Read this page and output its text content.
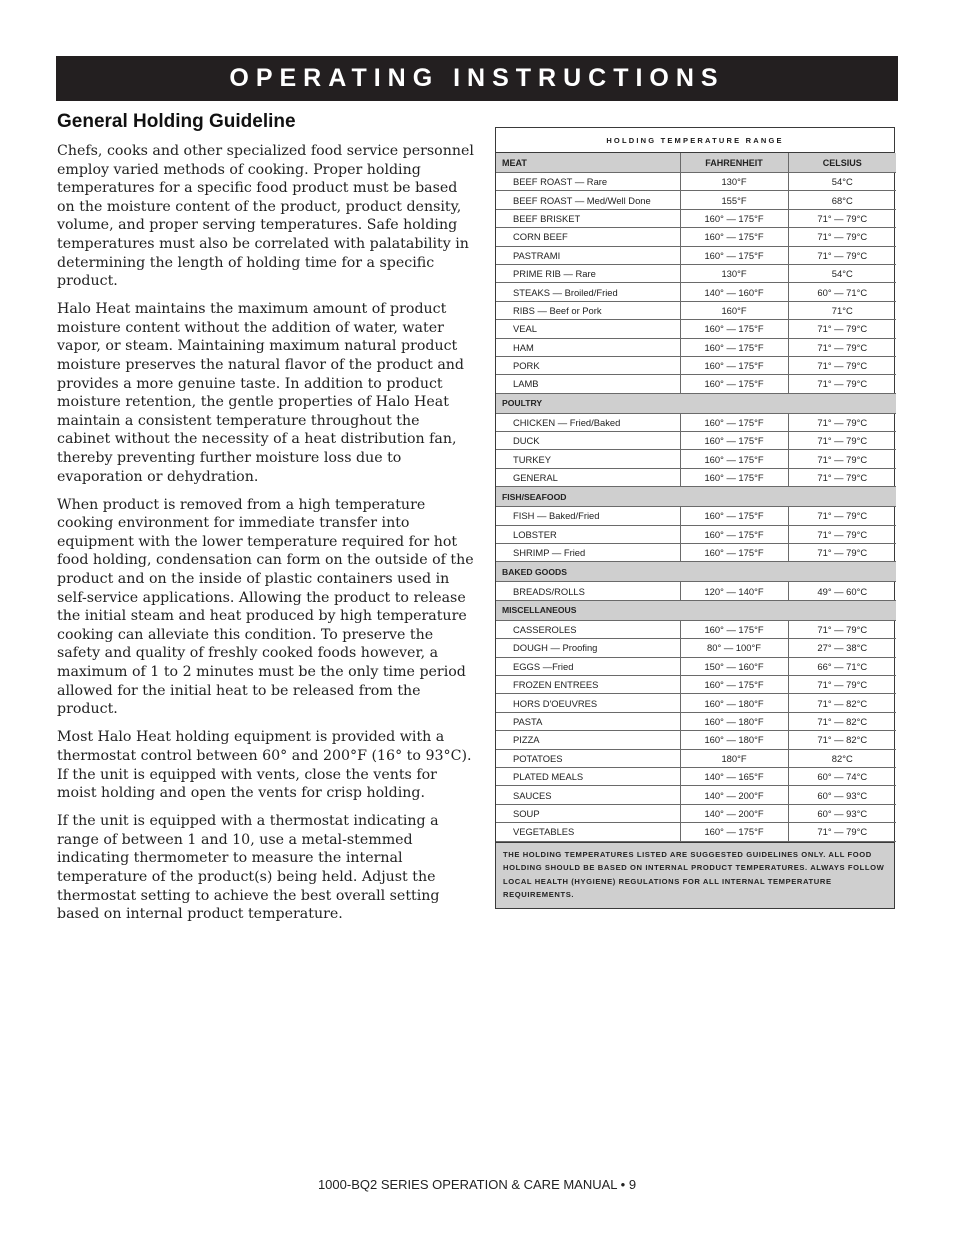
OPERATING INSTRUCTIONS
General Holding Guideline

Chefs, cooks and other specialized food service personnel employ varied methods of cooking. Proper holding temperatures for a specific food product must be based on the moisture content of the product, product density, volume, and proper serving temperatures. Safe holding temperatures must also be correlated with palatability in determining the length of holding time for a specific product.

Halo Heat maintains the maximum amount of product moisture content without the addition of water, water vapor, or steam. Maintaining maximum natural product moisture preserves the natural flavor of the product and provides a more genuine taste. In addition to product moisture retention, the gentle properties of Halo Heat maintain a consistent temperature throughout the cabinet without the necessity of a heat distribution fan, thereby preventing further moisture loss due to evaporation or dehydration.

When product is removed from a high temperature cooking environment for immediate transfer into equipment with the lower temperature required for hot food holding, condensation can form on the outside of the product and on the inside of plastic containers used in self-service applications. Allowing the product to release the initial steam and heat produced by high temperature cooking can alleviate this condition. To preserve the safety and quality of freshly cooked foods however, a maximum of 1 to 2 minutes must be the only time period allowed for the initial heat to be released from the product.

Most Halo Heat holding equipment is provided with a thermostat control between 60° and 200°F (16° to 93°C). If the unit is equipped with vents, close the vents for moist holding and open the vents for crisp holding.

If the unit is equipped with a thermostat indicating a range of between 1 and 10, use a metal-stemmed indicating thermometer to measure the internal temperature of the product(s) being held. Adjust the thermostat setting to achieve the best overall setting based on internal product temperature.

HOLDING TEMPERATURE RANGE
MEAT	FAHRENHEIT	CELSIUS
BEEF ROAST — Rare	130°F	54°C
BEEF ROAST — Med/Well Done	155°F	68°C
BEEF BRISKET	160° — 175°F	71° — 79°C
CORN BEEF	160° — 175°F	71° — 79°C
PASTRAMI	160° — 175°F	71° — 79°C
PRIME RIB — Rare	130°F	54°C
STEAKS — Broiled/Fried	140° — 160°F	60° — 71°C
RIBS — Beef or Pork	160°F	71°C
VEAL	160° — 175°F	71° — 79°C
HAM	160° — 175°F	71° — 79°C
PORK	160° — 175°F	71° — 79°C
LAMB	160° — 175°F	71° — 79°C
POULTRY		
CHICKEN — Fried/Baked	160° — 175°F	71° — 79°C
DUCK	160° — 175°F	71° — 79°C
TURKEY	160° — 175°F	71° — 79°C
GENERAL	160° — 175°F	71° — 79°C
FISH/SEAFOOD		
FISH — Baked/Fried	160° — 175°F	71° — 79°C
LOBSTER	160° — 175°F	71° — 79°C
SHRIMP — Fried	160° — 175°F	71° — 79°C
BAKED GOODS		
BREADS/ROLLS	120° — 140°F	49° — 60°C
MISCELLANEOUS		
CASSEROLES	160° — 175°F	71° — 79°C
DOUGH — Proofing	80° — 100°F	27° — 38°C
EGGS —Fried	150° — 160°F	66° — 71°C
FROZEN ENTREES	160° — 175°F	71° — 79°C
HORS D'OEUVRES	160° — 180°F	71° — 82°C
PASTA	160° — 180°F	71° — 82°C
PIZZA	160° — 180°F	71° — 82°C
POTATOES	180°F	82°C
PLATED MEALS	140° — 165°F	60° — 74°C
SAUCES	140° — 200°F	60° — 93°C
SOUP	140° — 200°F	60° — 93°C
VEGETABLES	160° — 175°F	71° — 79°C
THE HOLDING TEMPERATURES LISTED ARE SUGGESTED GUIDELINES ONLY. ALL FOOD HOLDING SHOULD BE BASED ON INTERNAL PRODUCT TEMPERATURES. ALWAYS FOLLOW LOCAL HEALTH (HYGIENE) REGULATIONS FOR ALL INTERNAL TEMPERATURE REQUIREMENTS.
1000-BQ2 SERIES OPERATION & CARE MANUAL • 9
